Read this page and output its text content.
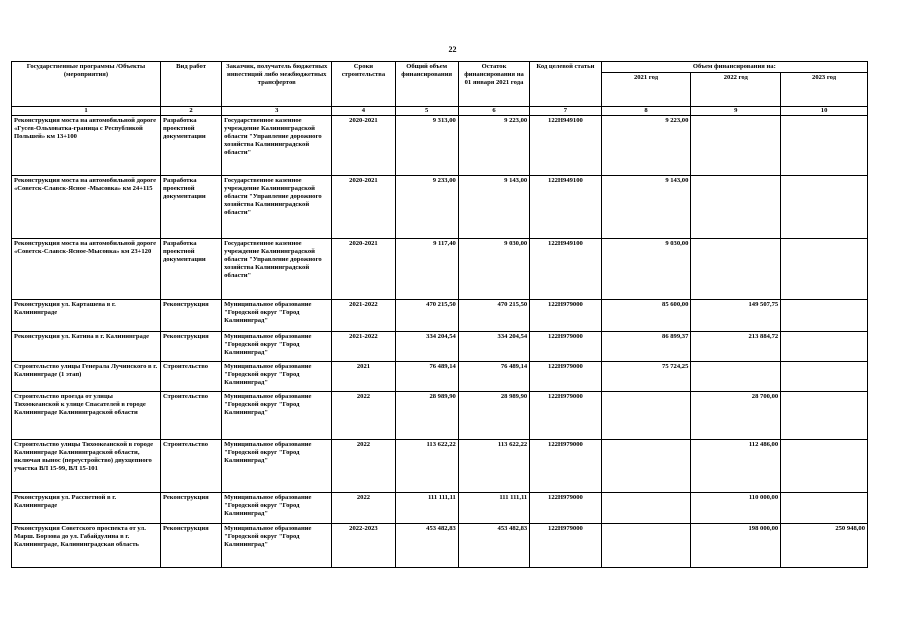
22
Государственные программы /Объекты (мероприятия)	Вид работ	Заказчик, получатель бюджетных инвестиций либо межбюджетных трансфертов	Сроки строительства	Общий объем финансирования	Остаток финансирования на 01 января 2021 года	Код целевой статьи	Объем финансирования на:		
							2021 год	2022 год	2023 год
1	2	3	4	5	6	7	8	9	10
Реконструкция моста на автомобильной дороге «Гусев-Ольховатка-граница с Республикой Польшей» км 13+100	Разработка проектной документации	Государственное казенное учреждение Калининградской области "Управление дорожного хозяйства Калининградской области"	2020-2021	9 313,00	9 223,00	122Н949100	9 223,00		
Реконструкция моста на автомобильной дороге «Советск-Славск-Ясное -Мысовка» км 24+115	Разработка проектной документации	Государственное казенное учреждение Калининградской области "Управление дорожного хозяйства Калининградской области"	2020-2021	9 233,00	9 143,00	122Н949100	9 143,00		
Реконструкция моста на автомобильной дороге «Советск-Славск-Ясное-Мысовка» км 23+120	Разработка проектной документации	Государственное казенное учреждение Калининградской области "Управление дорожного хозяйства Калининградской области"	2020-2021	9 117,40	9 030,00	122Н949100	9 030,00		
Реконструкция ул. Карташева в г. Калининграде	Реконструкция	Муниципальное образование "Городской округ "Город Калининград"	2021-2022	470 215,50	470 215,50	122Н979000	85 600,00	149 507,75	
Реконструкция ул. Катина в г. Калининграде	Реконструкция	Муниципальное образование "Городской округ "Город Калининград"	2021-2022	334 204,54	334 204,54	122Н979000	86 899,37	213 884,72	
Строительство улицы Генерала Лучинского в г. Калининграде (1 этап)	Строительство	Муниципальное образование "Городской округ "Город Калининград"	2021	76 489,14	76 489,14	122Н979000	75 724,25		
Строительство проезда от улицы Тихоокеанской к улице Спасателей в городе Калининграде Калининградской области	Строительство	Муниципальное образование "Городской округ "Город Калининград"	2022	28 989,90	28 989,90	122Н979000		28 700,00	
Строительство улицы Тихоокеанской в городе Калининграде Калининградской области, включая вынос (переустройство) двухцепного участка ВЛ 15-99, ВЛ 15-101	Строительство	Муниципальное образование "Городской округ "Город Калининград"	2022	113 622,22	113 622,22	122Н979000		112 486,00	
Реконструкция ул. Рассветной в г. Калининграде	Реконструкция	Муниципальное образование "Городской округ "Город Калининград"	2022	111 111,11	111 111,11	122Н979000		110 000,00	
Реконструкция Советского проспекта от ул. Марш. Борзова до ул. Габайдулина в г. Калининграде, Калининградская область	Реконструкция	Муниципальное образование "Городской округ "Город Калининград"	2022-2023	453 482,83	453 482,83	122Н979000		198 000,00	250 948,00
